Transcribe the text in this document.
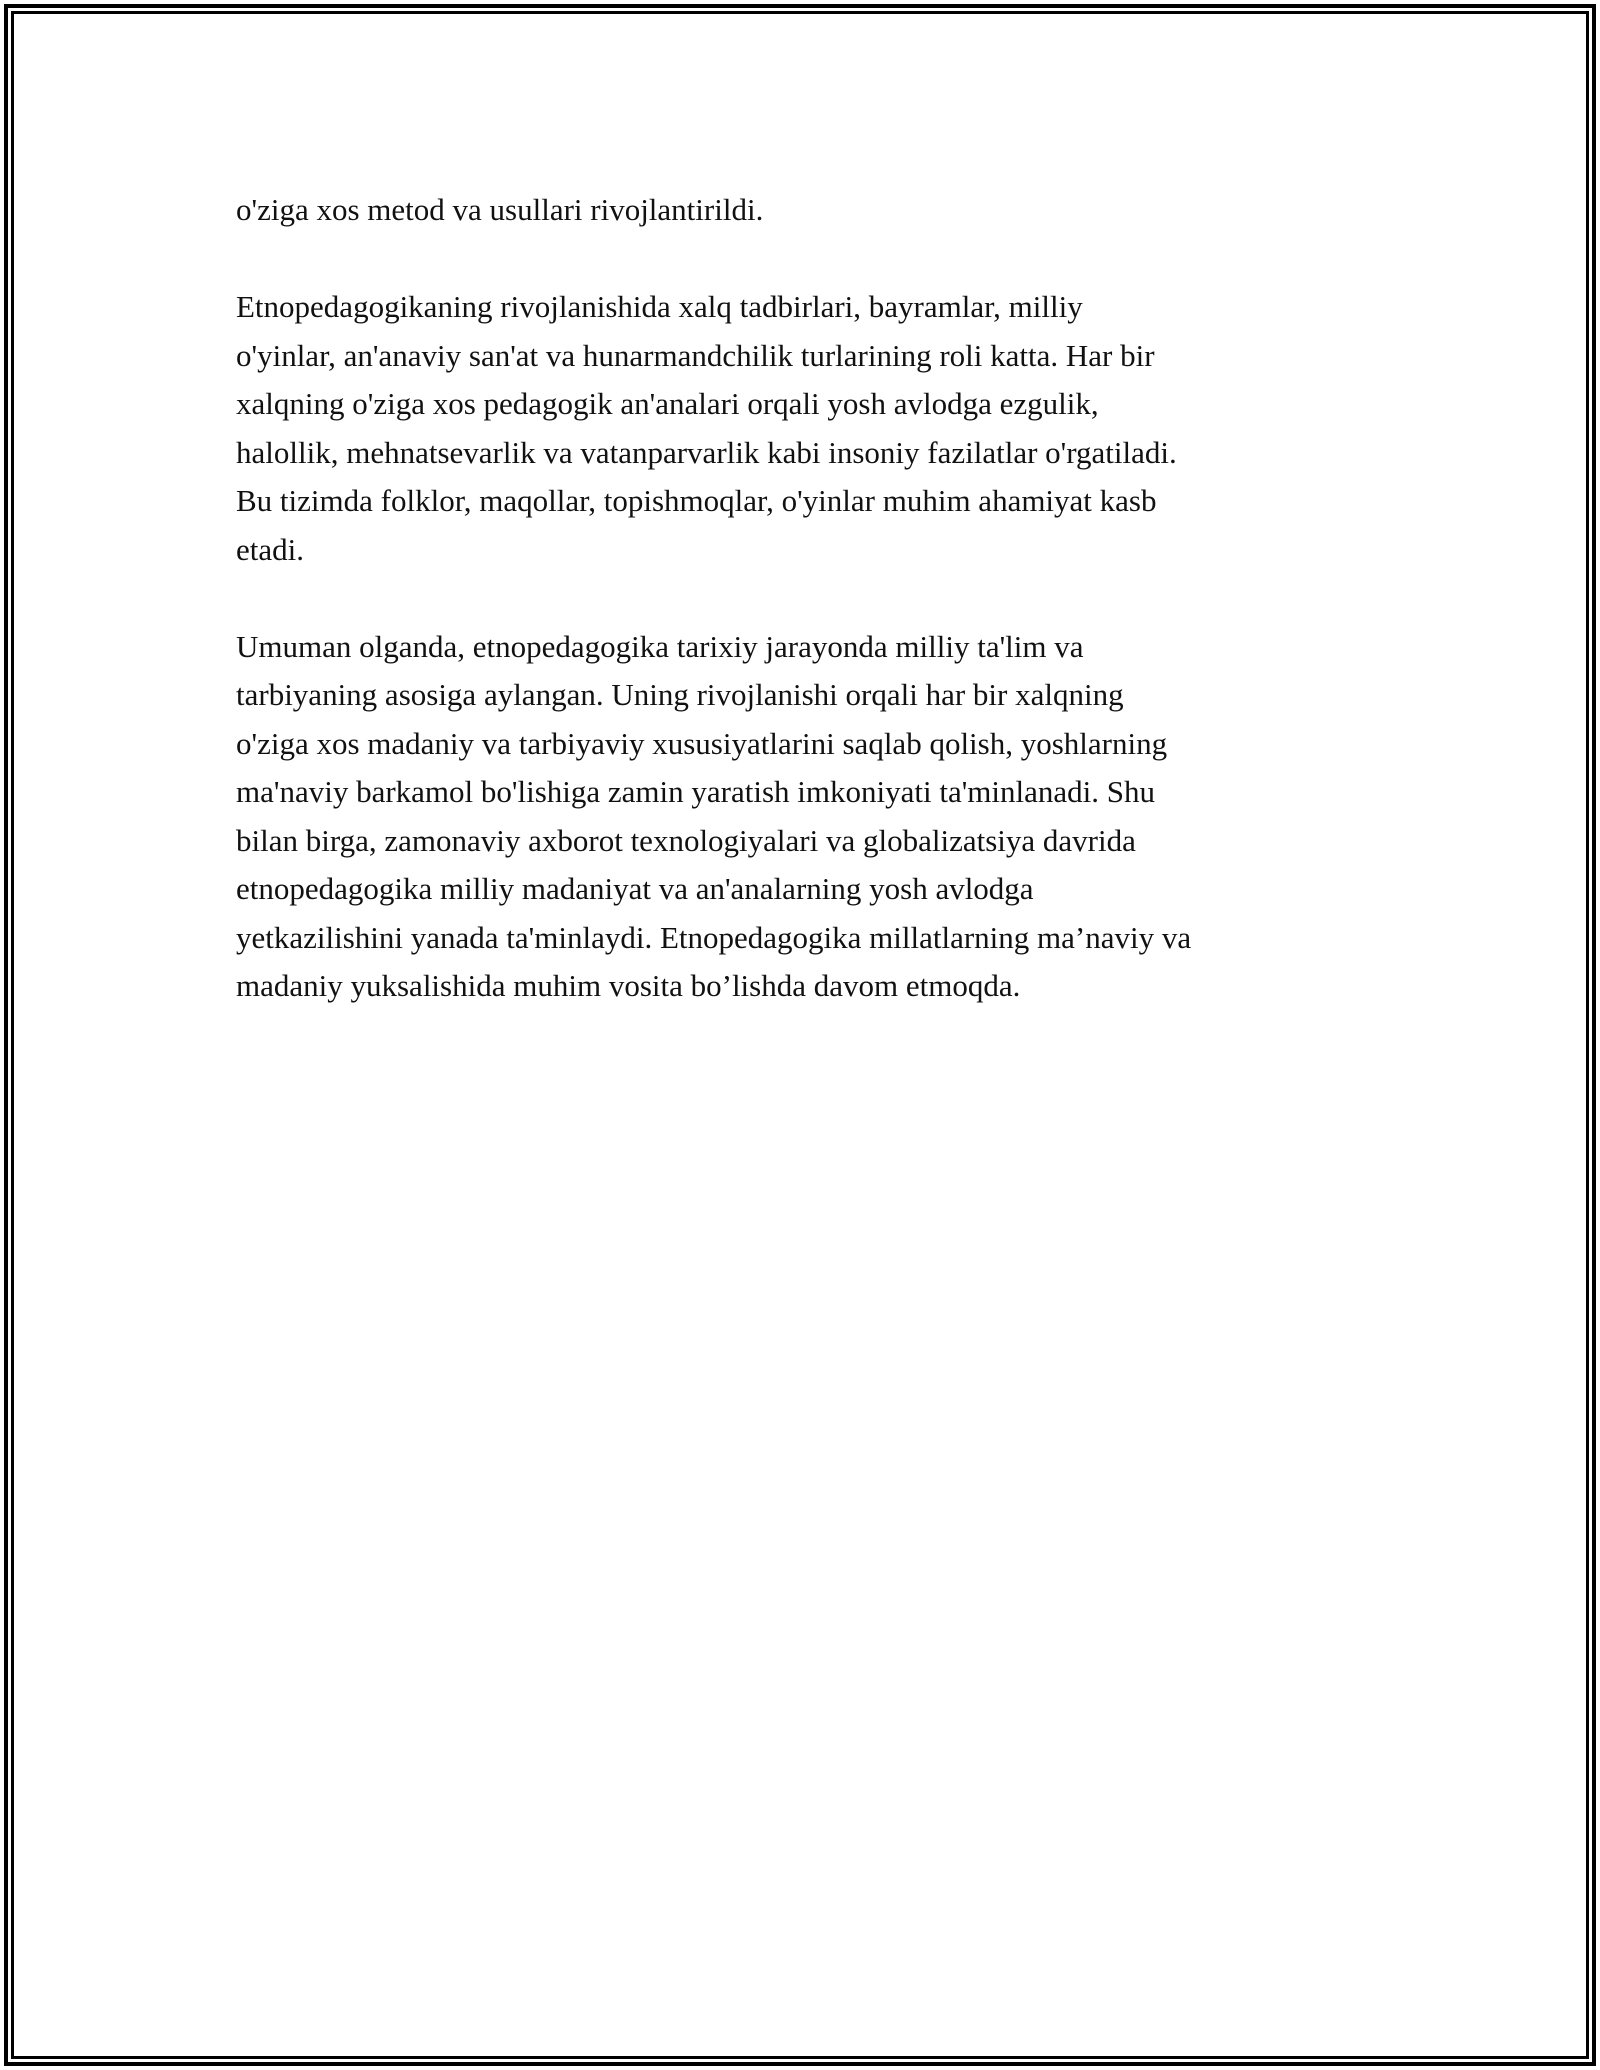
o'ziga xos metod va usullari rivojlantirildi.

Etnopedagogikaning rivojlanishida xalq tadbirlari, bayramlar, milliy
o'yinlar, an'anaviy san'at va hunarmandchilik turlarining roli katta. Har bir
xalqning o'ziga xos pedagogik an'analari orqali yosh avlodga ezgulik,
halollik, mehnatsevarlik va vatanparvarlik kabi insoniy fazilatlar o'rgatiladi.
Bu tizimda folklor, maqollar, topishmoqlar, o'yinlar muhim ahamiyat kasb
etadi.

Umuman olganda, etnopedagogika tarixiy jarayonda milliy ta'lim va
tarbiyaning asosiga aylangan. Uning rivojlanishi orqali har bir xalqning
o'ziga xos madaniy va tarbiyaviy xususiyatlarini saqlab qolish, yoshlarning
ma'naviy barkamol bo'lishiga zamin yaratish imkoniyati ta'minlanadi. Shu
bilan birga, zamonaviy axborot texnologiyalari va globalizatsiya davrida
etnopedagogika milliy madaniyat va an'analarning yosh avlodga
yetkazilishini yanada ta'minlaydi. Etnopedagogika millatlarning ma’naviy va
madaniy yuksalishida muhim vosita bo’lishda davom etmoqda.
